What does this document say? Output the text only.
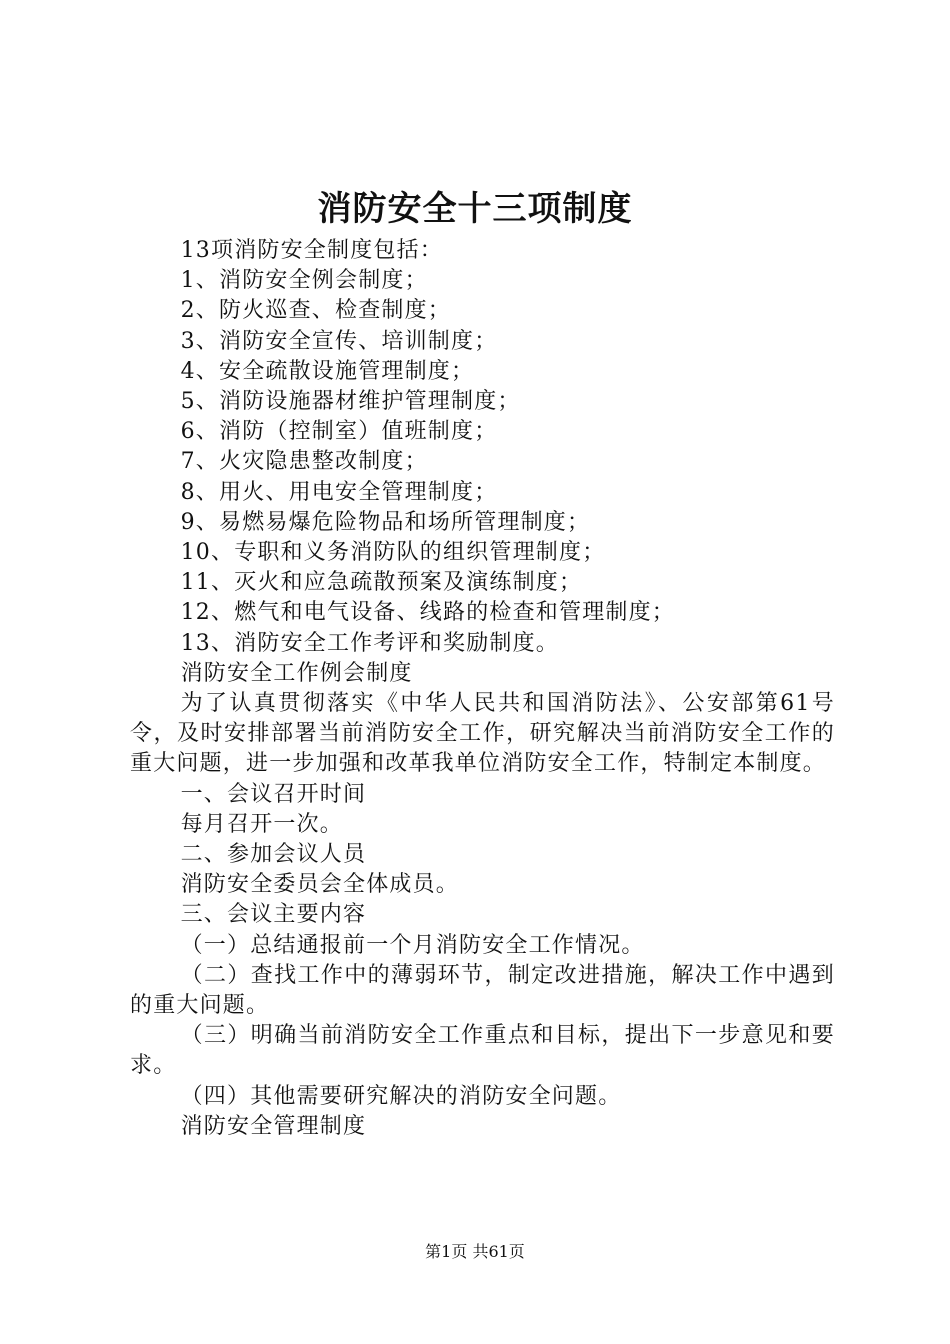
消防安全十三项制度

13项消防安全制度包括：

1、消防安全例会制度；

2、防火巡查、检查制度；

3、消防安全宣传、培训制度；

4、安全疏散设施管理制度；

5、消防设施器材维护管理制度；

6、消防（控制室）值班制度；

7、火灾隐患整改制度；

8、用火、用电安全管理制度；

9、易燃易爆危险物品和场所管理制度；

10、专职和义务消防队的组织管理制度；

11、灭火和应急疏散预案及演练制度；

12、燃气和电气设备、线路的检查和管理制度；

13、消防安全工作考评和奖励制度。

消防安全工作例会制度

为了认真贯彻落实《中华人民共和国消防法》、公安部第61号令，及时安排部署当前消防安全工作，研究解决当前消防安全工作的重大问题，进一步加强和改革我单位消防安全工作，特制定本制度。

一、会议召开时间

每月召开一次。

二、参加会议人员

消防安全委员会全体成员。

三、会议主要内容

（一）总结通报前一个月消防安全工作情况。

（二）查找工作中的薄弱环节，制定改进措施，解决工作中遇到的重大问题。

（三）明确当前消防安全工作重点和目标，提出下一步意见和要求。

（四）其他需要研究解决的消防安全问题。

消防安全管理制度

第1页 共61页
